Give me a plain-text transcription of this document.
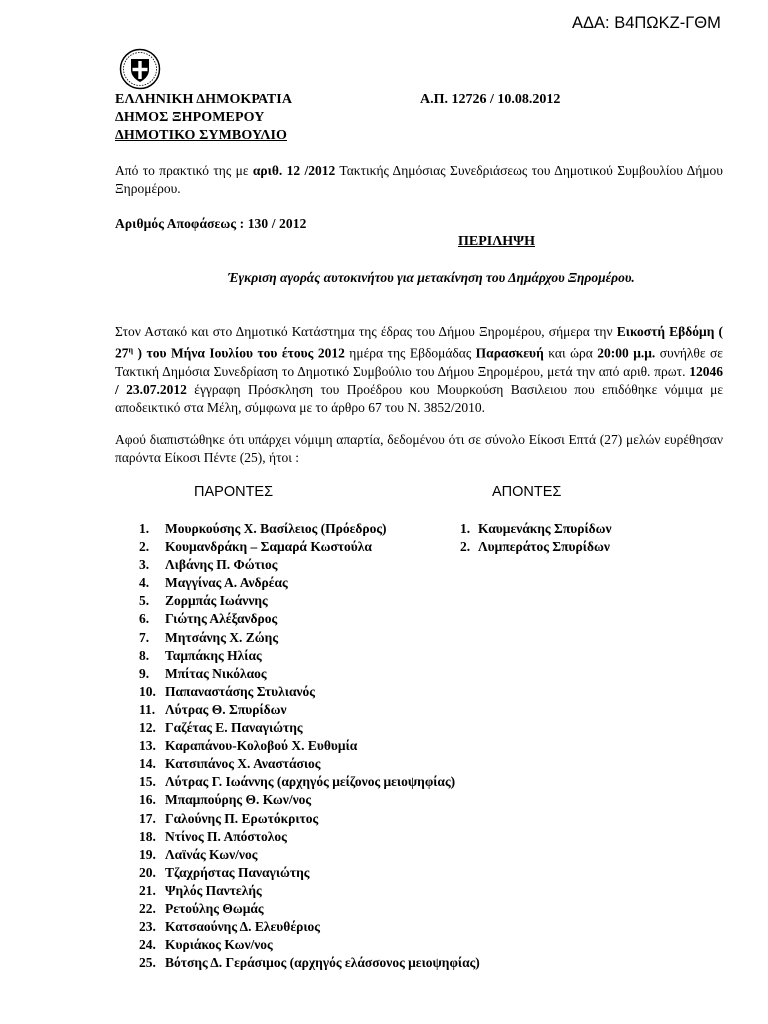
ΑΔΑ: Β4ΠΩΚΖ-ΓΘΜ
ΕΛΛΗΝΙΚΗ ΔΗΜΟΚΡΑΤΙΑ
ΔΗΜΟΣ ΞΗΡΟΜΕΡΟΥ
ΔΗΜΟΤΙΚΟ ΣΥΜΒΟΥΛΙΟ
Α.Π. 12726 / 10.08.2012
Από το πρακτικό της με αριθ. 12 /2012 Τακτικής Δημόσιας Συνεδριάσεως του Δημοτικού Συμβουλίου Δήμου Ξηρομέρου.
Αριθμός Αποφάσεως : 130 / 2012
ΠΕΡΙΛΗΨΗ
Έγκριση αγοράς αυτοκινήτου για μετακίνηση του Δημάρχου Ξηρομέρου.
Στον Αστακό και στο Δημοτικό Κατάστημα της έδρας του Δήμου Ξηρομέρου, σήμερα την Εικοστή Εβδόμη ( $27^\eta$ ) του Μήνα Ιουλίου του έτους 2012 ημέρα της Εβδομάδας Παρασκευή και ώρα 20:00 μ.μ. συνήλθε σε Τακτική Δημόσια Συνεδρίαση το Δημοτικό Συμβούλιο του Δήμου Ξηρομέρου, μετά την από αριθ. πρωτ. 12046 / 23.07.2012 έγγραφη Πρόσκληση του Προέδρου κου Μουρκούση Βασιλειου που επιδόθηκε νόμιμα με αποδεικτικό στα Μέλη, σύμφωνα με το άρθρο 67 του Ν. 3852/2010.
Αφού διαπιστώθηκε ότι υπάρχει νόμιμη απαρτία, δεδομένου ότι σε σύνολο Είκοσι Επτά (27) μελών ευρέθησαν παρόντα Είκοσι Πέντε (25), ήτοι :
ΠΑΡΟΝΤΕΣ	ΑΠΟΝΤΕΣ
1. Μουρκούσης Χ. Βασίλειος (Πρόεδρος)
2. Κουμανδράκη – Σαμαρά Κωστούλα
3. Λιβάνης Π. Φώτιος
4. Μαγγίνας Α. Ανδρέας
5. Ζορμπάς Ιωάννης
6. Γιώτης Αλέξανδρος
7. Μητσάνης Χ. Ζώης
8. Ταμπάκης Ηλίας
9. Μπίτας Νικόλαος
10. Παπαναστάσης Στυλιανός
11. Λύτρας Θ. Σπυρίδων
12. Γαζέτας Ε. Παναγιώτης
13. Καραπάνου-Κολοβού Χ. Ευθυμία
14. Κατσιπάνος Χ. Αναστάσιος
15. Λύτρας Γ. Ιωάννης (αρχηγός μείζονος μειοψηφίας)
16. Μπαμπούρης Θ. Κων/νος
17. Γαλούνης Π. Ερωτόκριτος
18. Ντίνος Π. Απόστολος
19. Λαϊνάς Κων/νος
20. Τζαχρήστας Παναγιώτης
21. Ψηλός Παντελής
22. Ρετούλης Θωμάς
23. Κατσαούνης Δ. Ελευθέριος
24. Κυριάκος Κων/νος
25. Βότσης Δ. Γεράσιμος (αρχηγός ελάσσονος μειοψηφίας)
1. Καυμενάκης Σπυρίδων
2. Λυμπεράτος Σπυρίδων
